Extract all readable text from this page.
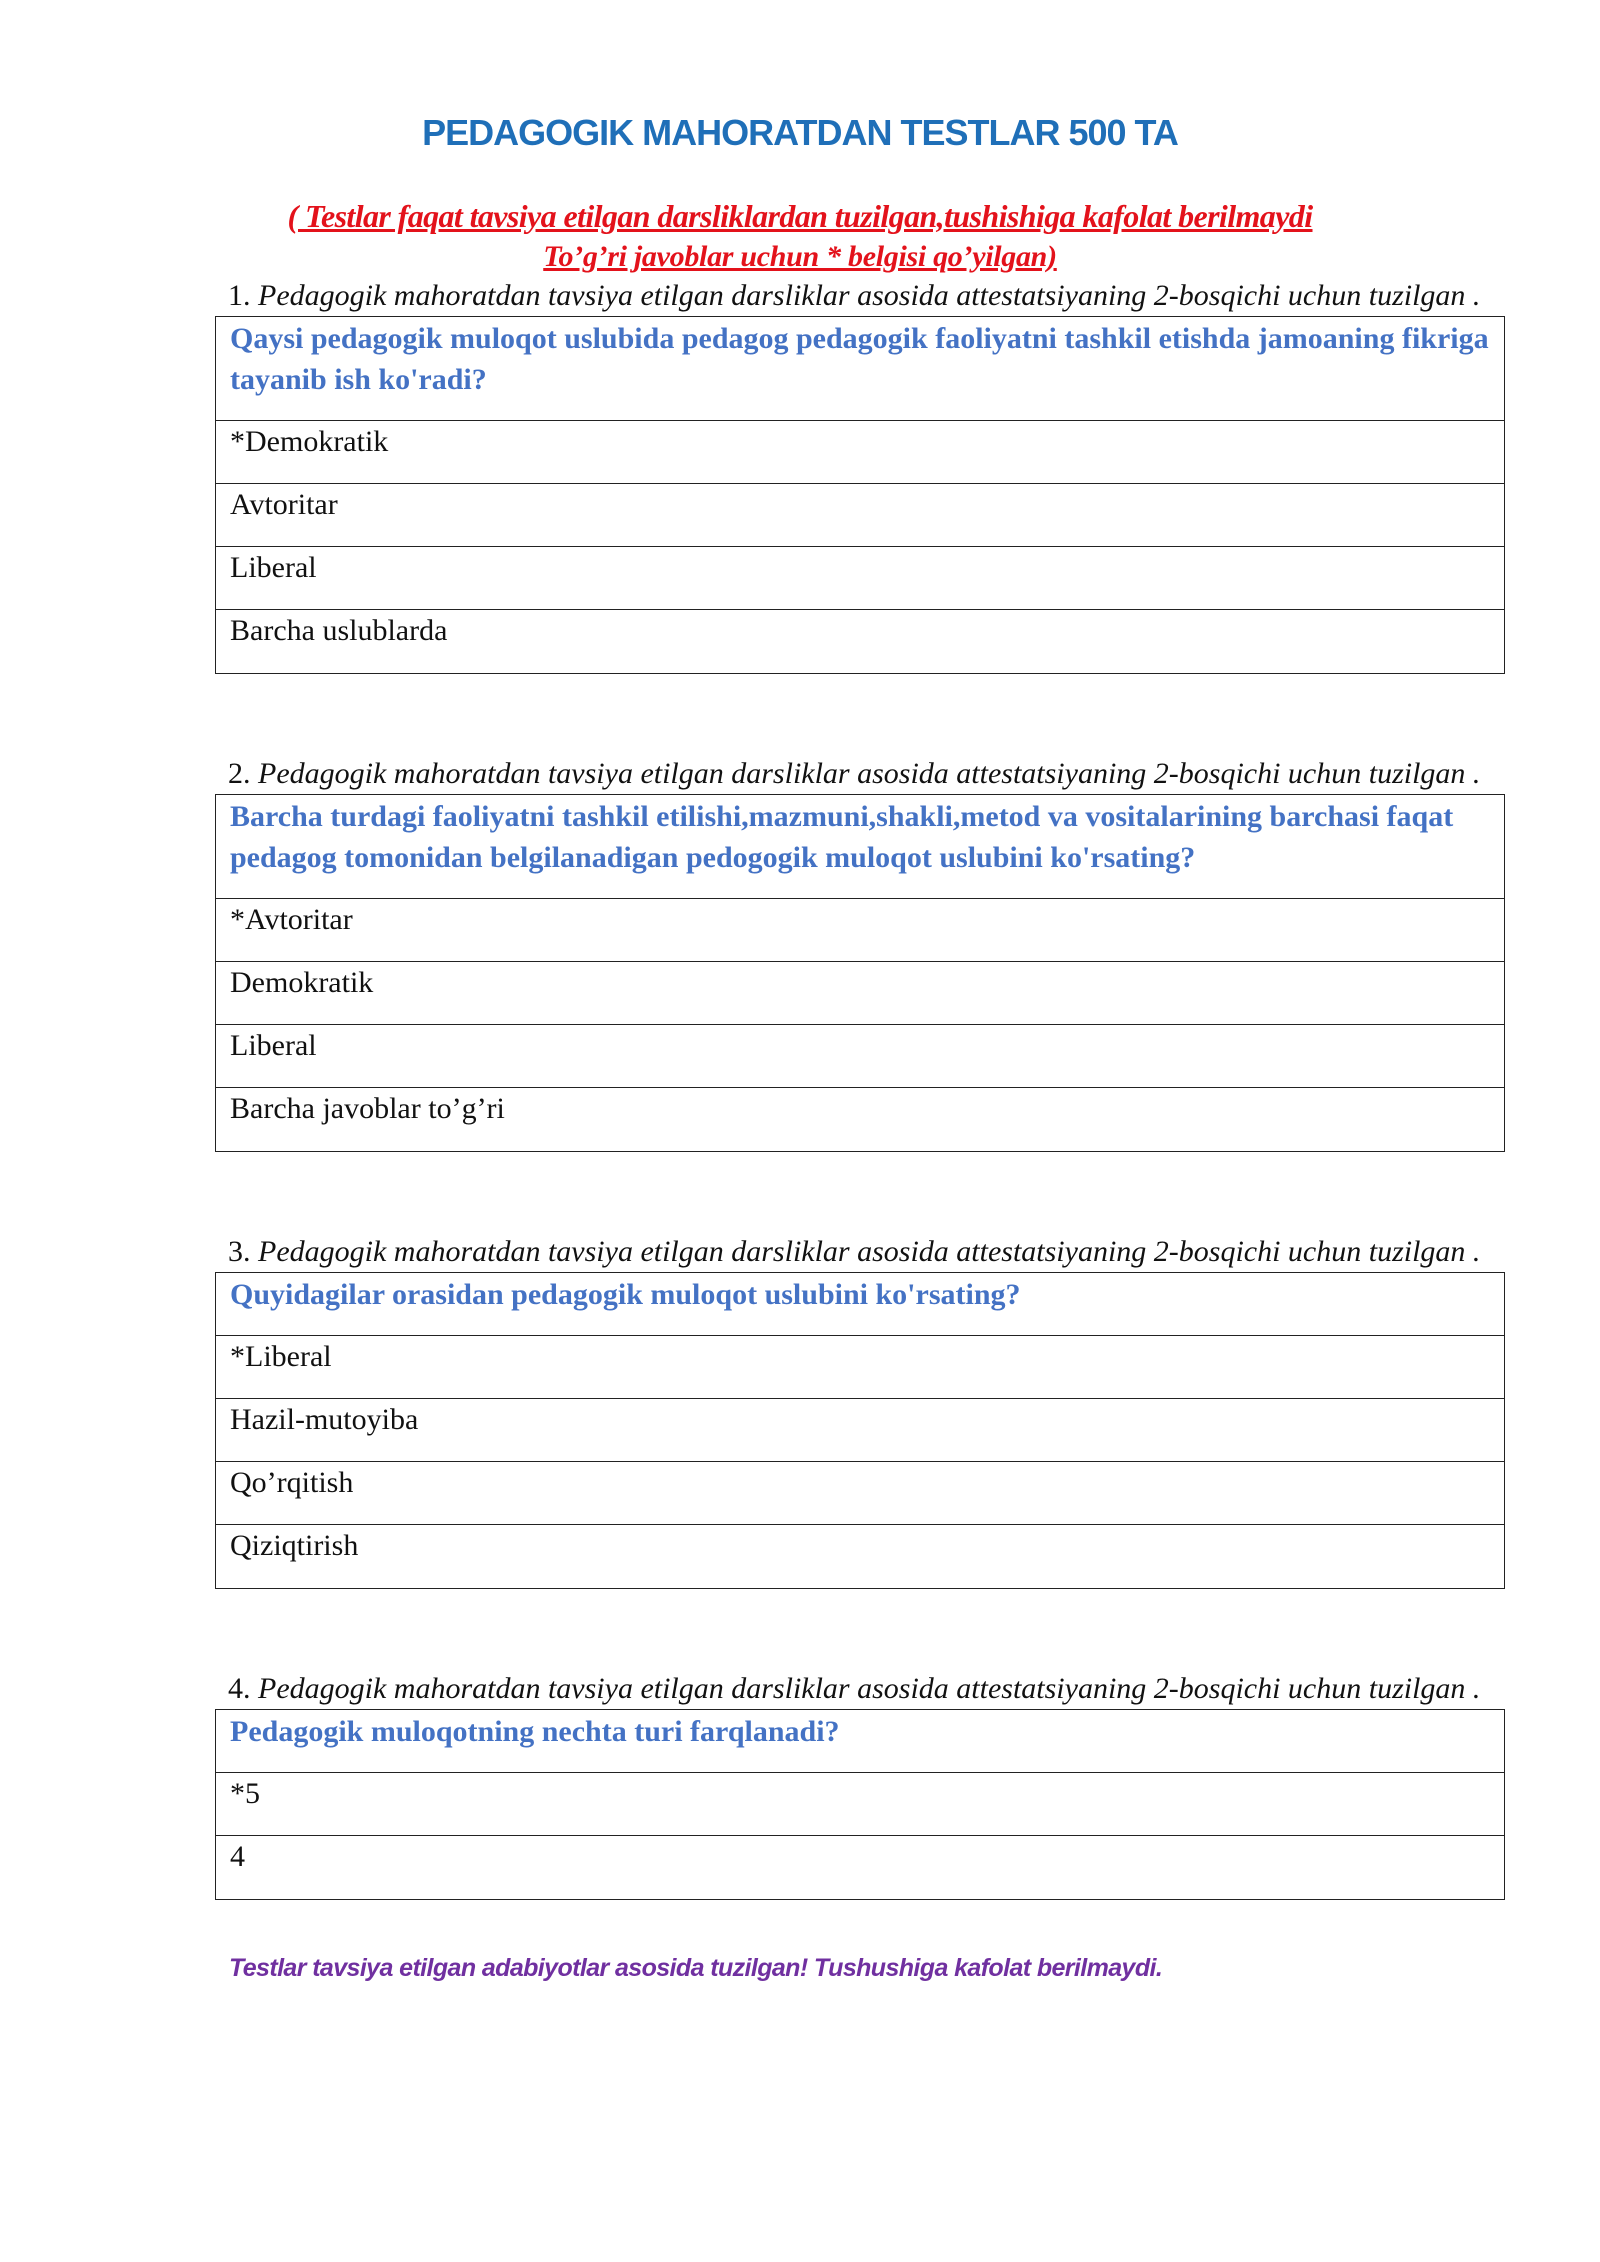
PEDAGOGIK MAHORATDAN TESTLAR 500 TA
( Testlar faqat tavsiya etilgan darsliklardan tuzilgan,tushishiga kafolat berilmaydi
To’g’ri javoblar uchun * belgisi qo’yilgan)
1. Pedagogik mahoratdan tavsiya etilgan darsliklar asosida attestatsiyaning 2-bosqichi uchun tuzilgan .
Qaysi pedagogik muloqot uslubida pedagog pedagogik faoliyatni tashkil etishda jamoaning fikriga tayanib ish ko'radi?
*Demokratik
Avtoritar
Liberal
Barcha uslublarda
2. Pedagogik mahoratdan tavsiya etilgan darsliklar asosida attestatsiyaning 2-bosqichi uchun tuzilgan .
Barcha turdagi faoliyatni tashkil etilishi,mazmuni,shakli,metod va vositalarining barchasi faqat pedagog tomonidan belgilanadigan pedogogik muloqot uslubini ko'rsating?
*Avtoritar
Demokratik
Liberal
Barcha javoblar to’g’ri
3. Pedagogik mahoratdan tavsiya etilgan darsliklar asosida attestatsiyaning 2-bosqichi uchun tuzilgan .
Quyidagilar orasidan pedagogik muloqot uslubini ko'rsating?
*Liberal
Hazil-mutoyiba
Qo’rqitish
Qiziqtirish
4. Pedagogik mahoratdan tavsiya etilgan darsliklar asosida attestatsiyaning 2-bosqichi uchun tuzilgan .
Pedagogik muloqotning nechta turi farqlanadi?
*5
4
Testlar tavsiya etilgan adabiyotlar asosida tuzilgan! Tushushiga kafolat berilmaydi.
